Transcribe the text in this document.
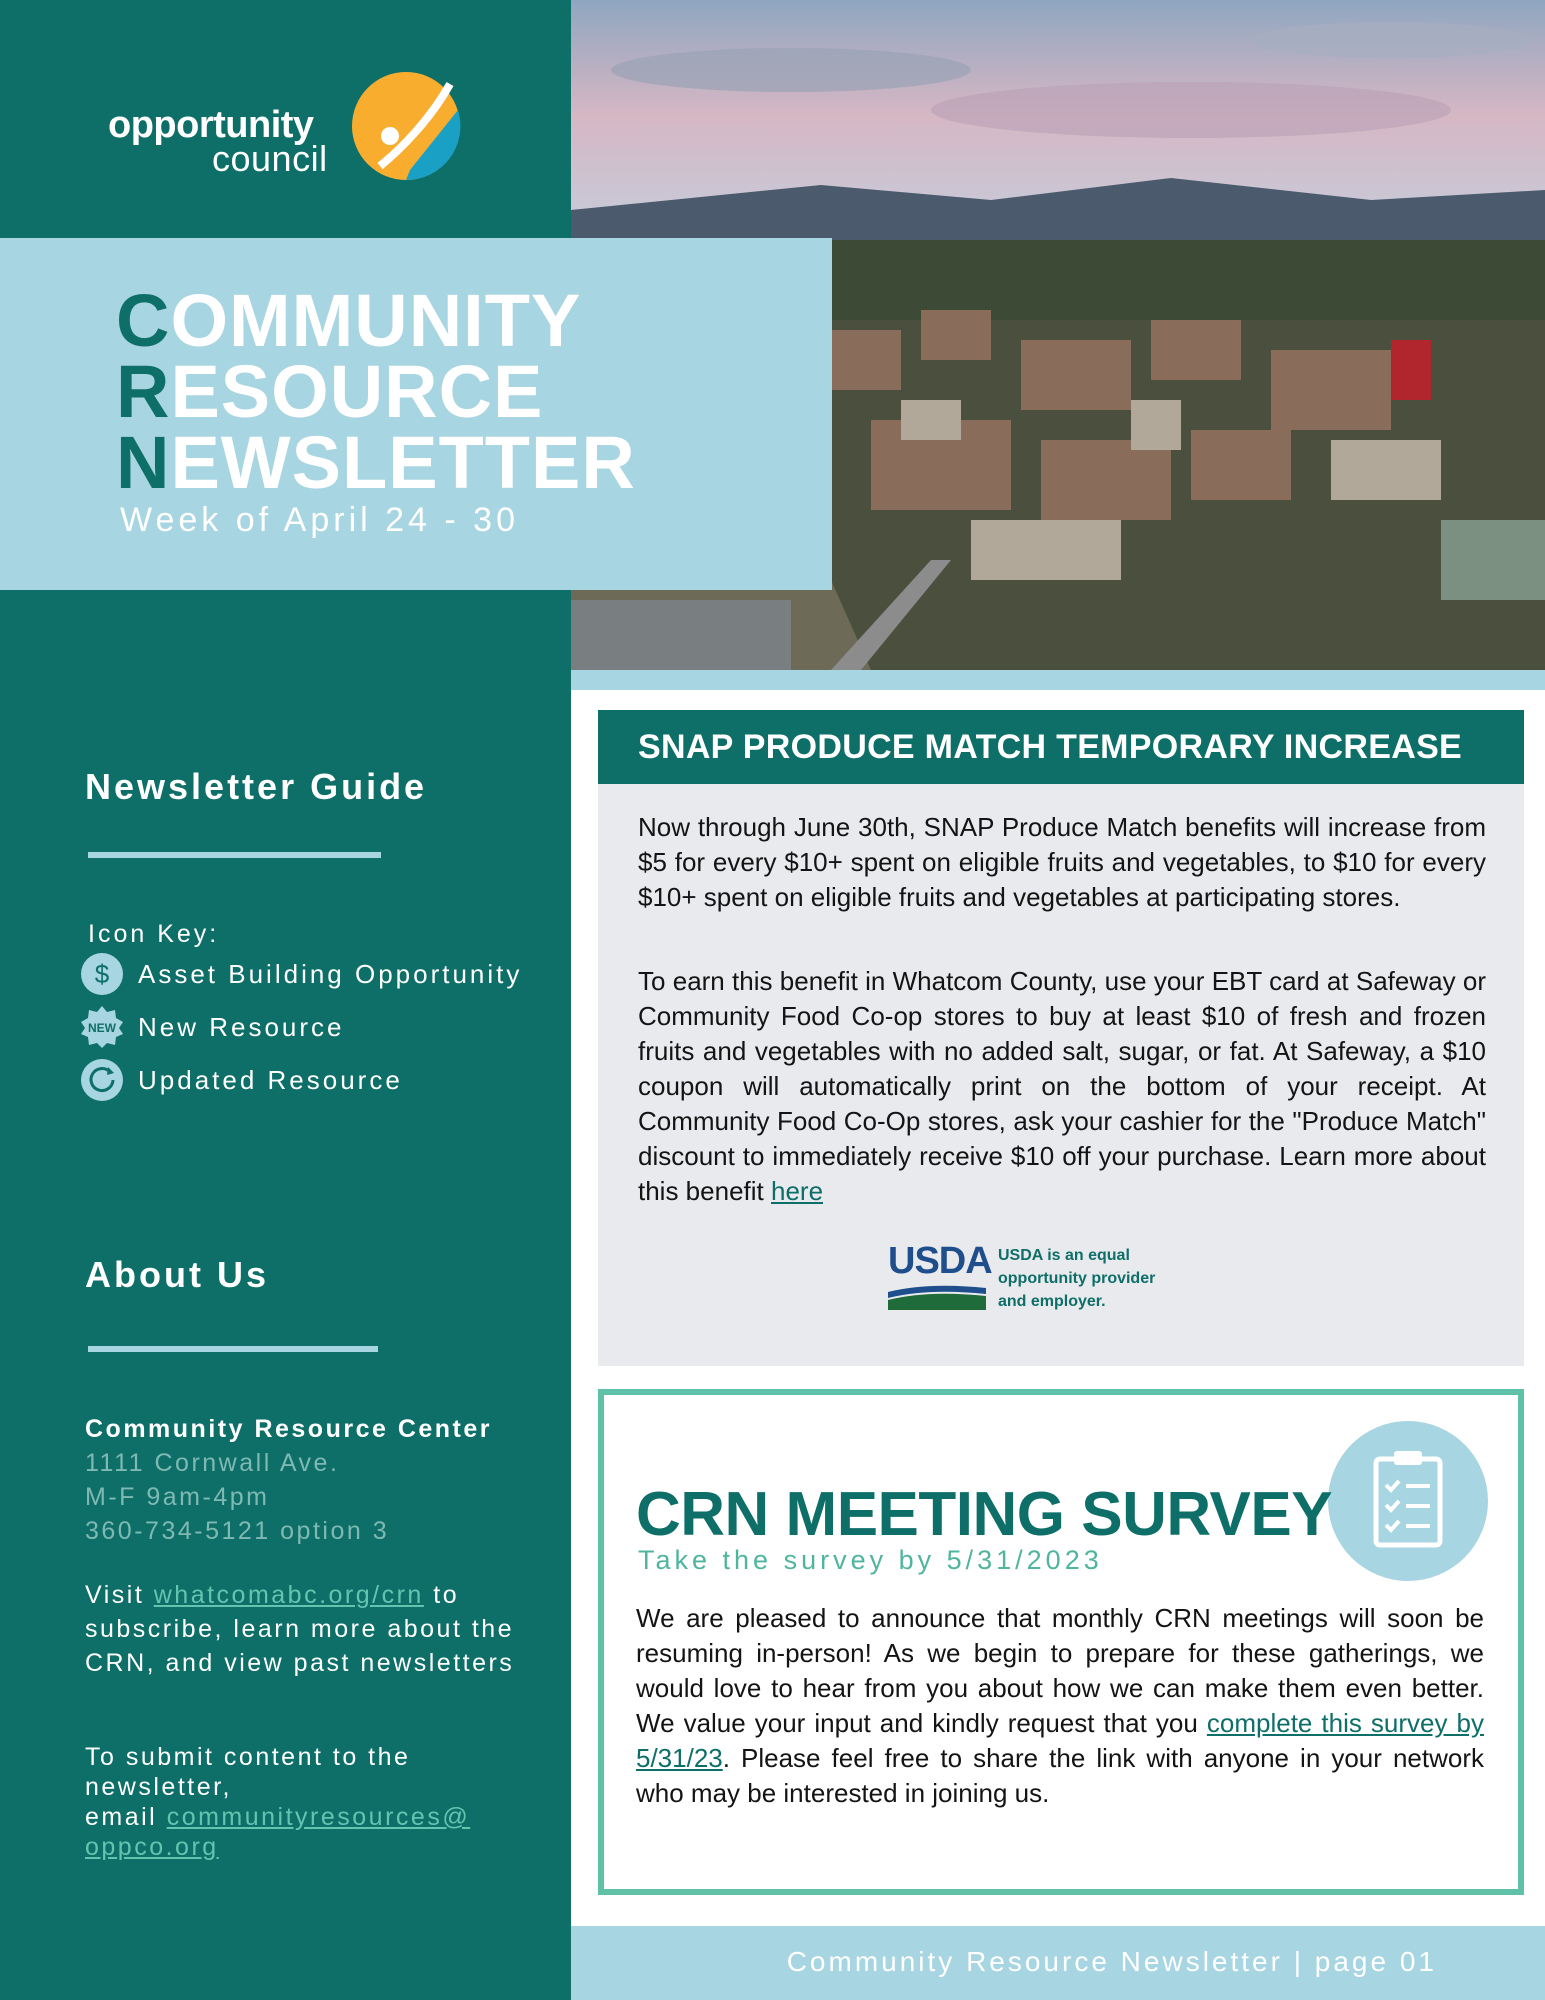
opportunity
council
Newsletter Guide
Icon Key:
$ Asset Building Opportunity
NEW New Resource
Updated Resource
About Us
Community Resource Center
1111 Cornwall Ave.
M-F 9am-4pm
360-734-5121 option 3
Visit whatcomabc.org/crn to subscribe, learn more about the CRN, and view past newsletters
To submit content to the newsletter,
email communityresources@
oppco.org
COMMUNITY
RESOURCE
NEWSLETTER
Week of April 24 - 30
SNAP PRODUCE MATCH TEMPORARY INCREASE
Now through June 30th, SNAP Produce Match benefits will increase from $5 for every $10+ spent on eligible fruits and vegetables, to $10 for every $10+ spent on eligible fruits and vegetables at participating stores.
To earn this benefit in Whatcom County, use your EBT card at Safeway or Community Food Co-op stores to buy at least $10 of fresh and frozen fruits and vegetables with no added salt, sugar, or fat. At Safeway, a $10 coupon will automatically print on the bottom of your receipt. At Community Food Co-Op stores, ask your cashier for the "Produce Match" discount to immediately receive $10 off your purchase. Learn more about this benefit here
USDA USDA is an equal opportunity provider and employer.
CRN MEETING SURVEY
Take the survey by 5/31/2023
We are pleased to announce that monthly CRN meetings will soon be resuming in-person! As we begin to prepare for these gatherings, we would love to hear from you about how we can make them even better. We value your input and kindly request that you complete this survey by 5/31/23. Please feel free to share the link with anyone in your network who may be interested in joining us.
Community Resource Newsletter | page 01
